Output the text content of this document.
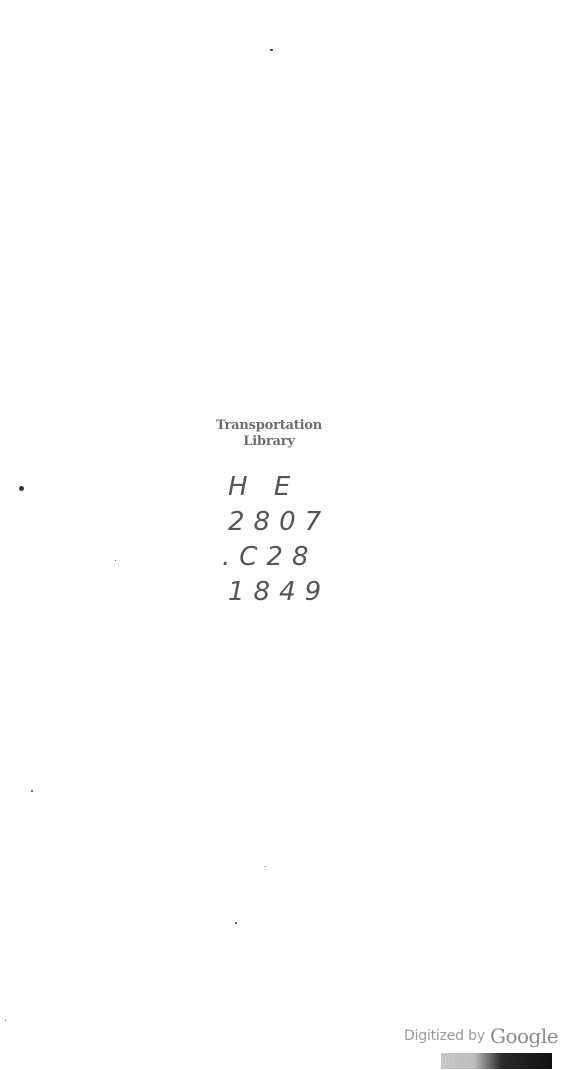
Transportation
Library
H E
2807
.C28
1849
Digitized by Google
